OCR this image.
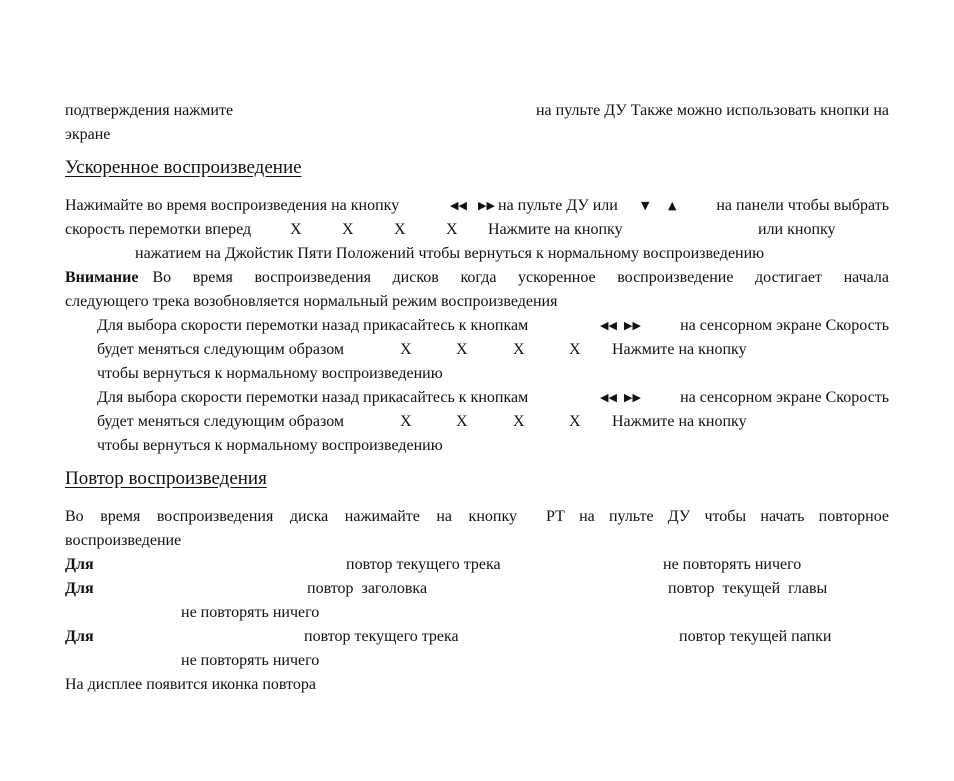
подтверждения нажмите	на пульте ДУ Также можно использовать кнопки на
экране
Ускоренное воспроизведение
Нажимайте во время воспроизведения на кнопку	◀◀ ▶▶ на пульте ДУ или ▼ ▲	на панели чтобы выбрать
скорость перемотки вперед X	X	X	X Нажмите на кнопку	или кнопку
нажатием на Джойстик Пяти Положений чтобы вернуться к нормальному воспроизведению
Внимание Во время воспроизведения дисков когда ускоренное воспроизведение достигает начала
следующего трека возобновляется нормальный режим воспроизведения
Для выбора скорости перемотки назад прикасайтесь к кнопкам	◀◀ ▶▶	на сенсорном экране Скорость
будет меняться следующим образом	X	X	X	X Нажмите на кнопку
чтобы вернуться к нормальному воспроизведению
Для выбора скорости перемотки назад прикасайтесь к кнопкам	◀◀ ▶▶	на сенсорном экране Скорость
будет меняться следующим образом	X	X	X	X Нажмите на кнопку
чтобы вернуться к нормальному воспроизведению
Повтор воспроизведения
Во время воспроизведения диска нажимайте на кнопку РТ на пульте ДУ чтобы начать повторное
воспроизведение
Для	повтор текущего трека	не повторять ничего
Для	повтор заголовка	повтор текущей главы
не повторять ничего
Для	повтор текущего трека	повтор текущей папки
не повторять ничего
На дисплее появится иконка повтора
